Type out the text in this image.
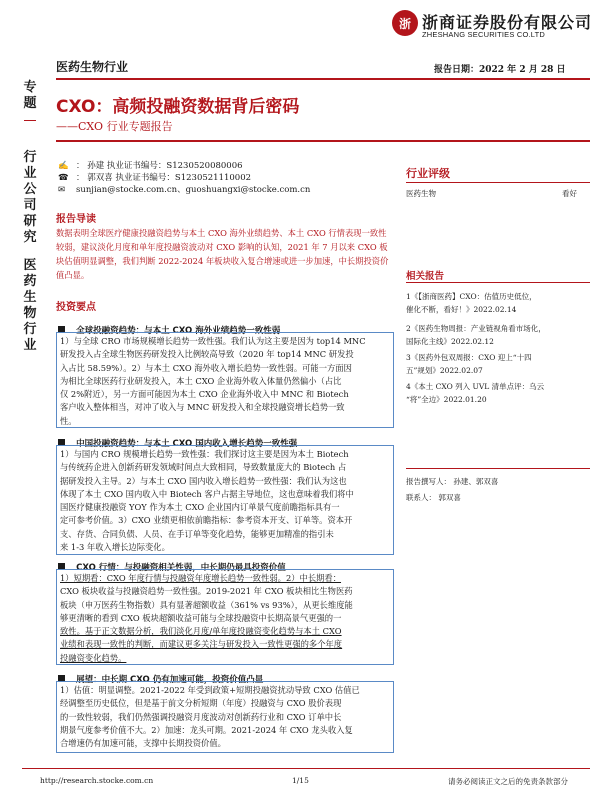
浙 浙商证券股份有限公司
ZHESHANG SECURITIES CO.LTD
医药生物行业	报告日期：2022 年 2 月 28 日
专题
行业公司研究
医药生物行业
CXO：高频投融资数据背后密码
——CXO 行业专题报告
✍ ： 孙建 执业证书编号：S1230520080006
☎ ： 郭双喜 执业证书编号：S1230521110002
✉ sunjian@stocke.com.cn、guoshuangxi@stocke.com.cn
报告导读
数据表明全球医疗健康投融资趋势与本土 CXO 海外业绩趋势、本土 CXO 行情表现一致性较弱，建议淡化月度和单年度投融资波动对 CXO 影响的认知，2021 年 7 月以来 CXO 板块估值明显调整，我们判断 2022-2024 年板块收入复合增速或进一步加速，中长期投资价值凸显。
投资要点
全球投融资趋势：与本土 CXO 海外业绩趋势一致性弱
1）与全球 CRO 市场规模增长趋势一致性强。我们认为这主要是因为 top14 MNC
研发投入占全球生物医药研发投入比例较高导致（2020 年 top14 MNC 研发投
入占比 58.59%）。2）与本土 CXO 海外收入增长趋势一致性弱。可能一方面因
为相比全球医药行业研发投入，本土 CXO 企业海外收入体量仍然偏小（占比
仅 2%附近），另一方面可能因为本土 CXO 企业海外收入中 MNC 和 Biotech
客户收入整体相当，对冲了收入与 MNC 研发投入和全球投融资增长趋势一致
性。
中国投融资趋势：与本土 CXO 国内收入增长趋势一致性强
1）与国内 CRO 规模增长趋势一致性强：我们探讨这主要是因为本土 Biotech
与传统药企进入创新药研发领域时间点大致相同，导致数量庞大的 Biotech 占
据研发投入主导。2）与本土 CXO 国内收入增长趋势一致性强：我们认为这也
体现了本土 CXO 国内收入中 Biotech 客户占据主导地位，这也意味着我们将中
国医疗健康投融资 YOY 作为本土 CXO 企业国内订单景气度前瞻指标具有一
定可参考价值。3）CXO 业绩更相依前瞻指标：参考资本开支、订单等。资本开
支、存货、合同负债、人员、在手订单等变化趋势，能够更加精准的指引未
来 1-3 年收入增长边际变化。
CXO 行情：与投融资相关性弱，中长期仍最具投资价值
1）短期看：CXO 年度行情与投融资年度增长趋势一致性弱。2）中长期看：
CXO 板块收益与投融资趋势一致性强。2019-2021 年 CXO 板块相比生物医药
板块（申万医药生物指数）具有显著超额收益（361% vs 93%），从更长维度能
够更清晰的看到 CXO 板块超额收益可能与全球投融资中长期高景气更强的一
致性。基于正文数据分析，我们淡化月度/单年度投融资变化趋势与本土 CXO
业绩和表现一致性的判断，而建议更多关注与研发投入一致性更强的多个年度
投融资变化趋势。
展望：中长期 CXO 仍有加速可能，投资价值凸显
1）估值：明显调整。2021-2022 年受到政策+短期投融资扰动导致 CXO 估值已
经调整至历史低位，但是基于前文分析短期（年度）投融资与 CXO 股价表现
的一致性较弱，我们仍然强调投融资月度波动对创新药行业和 CXO 订单中长
期景气度参考价值不大。2）加速：龙头可期。2021-2024 年 CXO 龙头收入复
合增速仍有加速可能，支撑中长期投资价值。
行业评级
医药生物	看好
相关报告
1《【浙商医药】CXO：估值历史低位，
催化不断，看好！》2022.02.14
2《医药生物周报：产业链视角看市场化，
国际化主线》2022.02.12
3《医药外包双周报：CXO 迎上“十四
五”规划》2022.02.07
4《本土 CXO 列入 UVL 清单点评：乌云
“将”全边》2022.01.20
报告撰写人： 孙建、郭双喜
联系人： 郭双喜
http://research.stocke.com.cn	1/15	请务必阅读正文之后的免责条款部分
